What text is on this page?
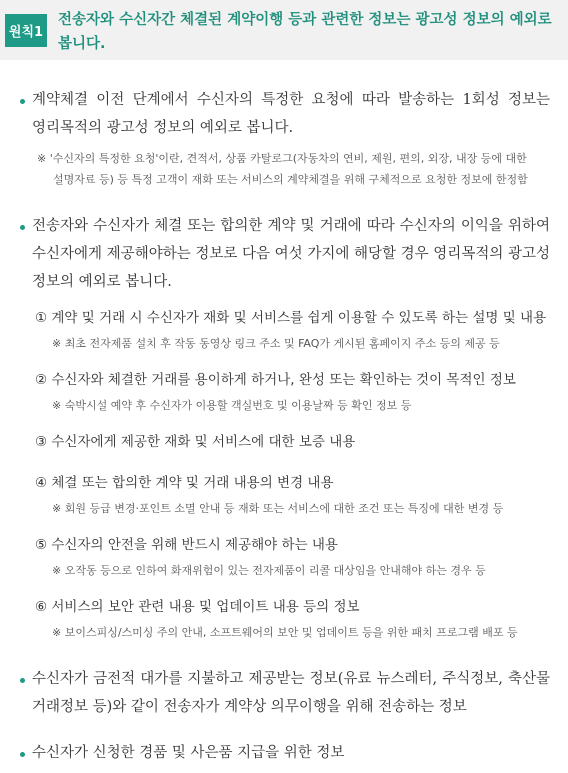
원칙1
전송자와 수신자간 체결된 계약이행 등과 관련한 정보는 광고성 정보의 예외로 봅니다.
계약체결 이전 단계에서 수신자의 특정한 요청에 따라 발송하는 1회성 정보는 영리목적의 광고성 정보의 예외로 봅니다.
※ '수신자의 특정한 요청'이란, 견적서, 상품 카탈로그(자동차의 연비, 제원, 편의, 외장, 내장 등에 대한 설명자료 등) 등 특정 고객이 재화 또는 서비스의 계약체결을 위해 구체적으로 요청한 정보에 한정함
전송자와 수신자가 체결 또는 합의한 계약 및 거래에 따라 수신자의 이익을 위하여 수신자에게 제공해야하는 정보로 다음 여섯 가지에 해당할 경우 영리목적의 광고성 정보의 예외로 봅니다.
① 계약 및 거래 시 수신자가 재화 및 서비스를 쉽게 이용할 수 있도록 하는 설명 및 내용
※ 최초 전자제품 설치 후 작동 동영상 링크 주소 및 FAQ가 게시된 홈페이지 주소 등의 제공 등
② 수신자와 체결한 거래를 용이하게 하거나, 완성 또는 확인하는 것이 목적인 정보
※ 숙박시설 예약 후 수신자가 이용할 객실번호 및 이용날짜 등 확인 정보 등
③ 수신자에게 제공한 재화 및 서비스에 대한 보증 내용
④ 체결 또는 합의한 계약 및 거래 내용의 변경 내용
※ 회원 등급 변경·포인트 소멸 안내 등 재화 또는 서비스에 대한 조건 또는 특징에 대한 변경 등
⑤ 수신자의 안전을 위해 반드시 제공해야 하는 내용
※ 오작동 등으로 인하여 화재위험이 있는 전자제품이 리콜 대상임을 안내해야 하는 경우 등
⑥ 서비스의 보안 관련 내용 및 업데이트 내용 등의 정보
※ 보이스피싱/스미싱 주의 안내, 소프트웨어의 보안 및 업데이트 등을 위한 패치 프로그램 배포 등
수신자가 금전적 대가를 지불하고 제공받는 정보(유료 뉴스레터, 주식정보, 축산물 거래정보 등)와 같이 전송자가 계약상 의무이행을 위해 전송하는 정보
수신자가 신청한 경품 및 사은품 지급을 위한 정보
